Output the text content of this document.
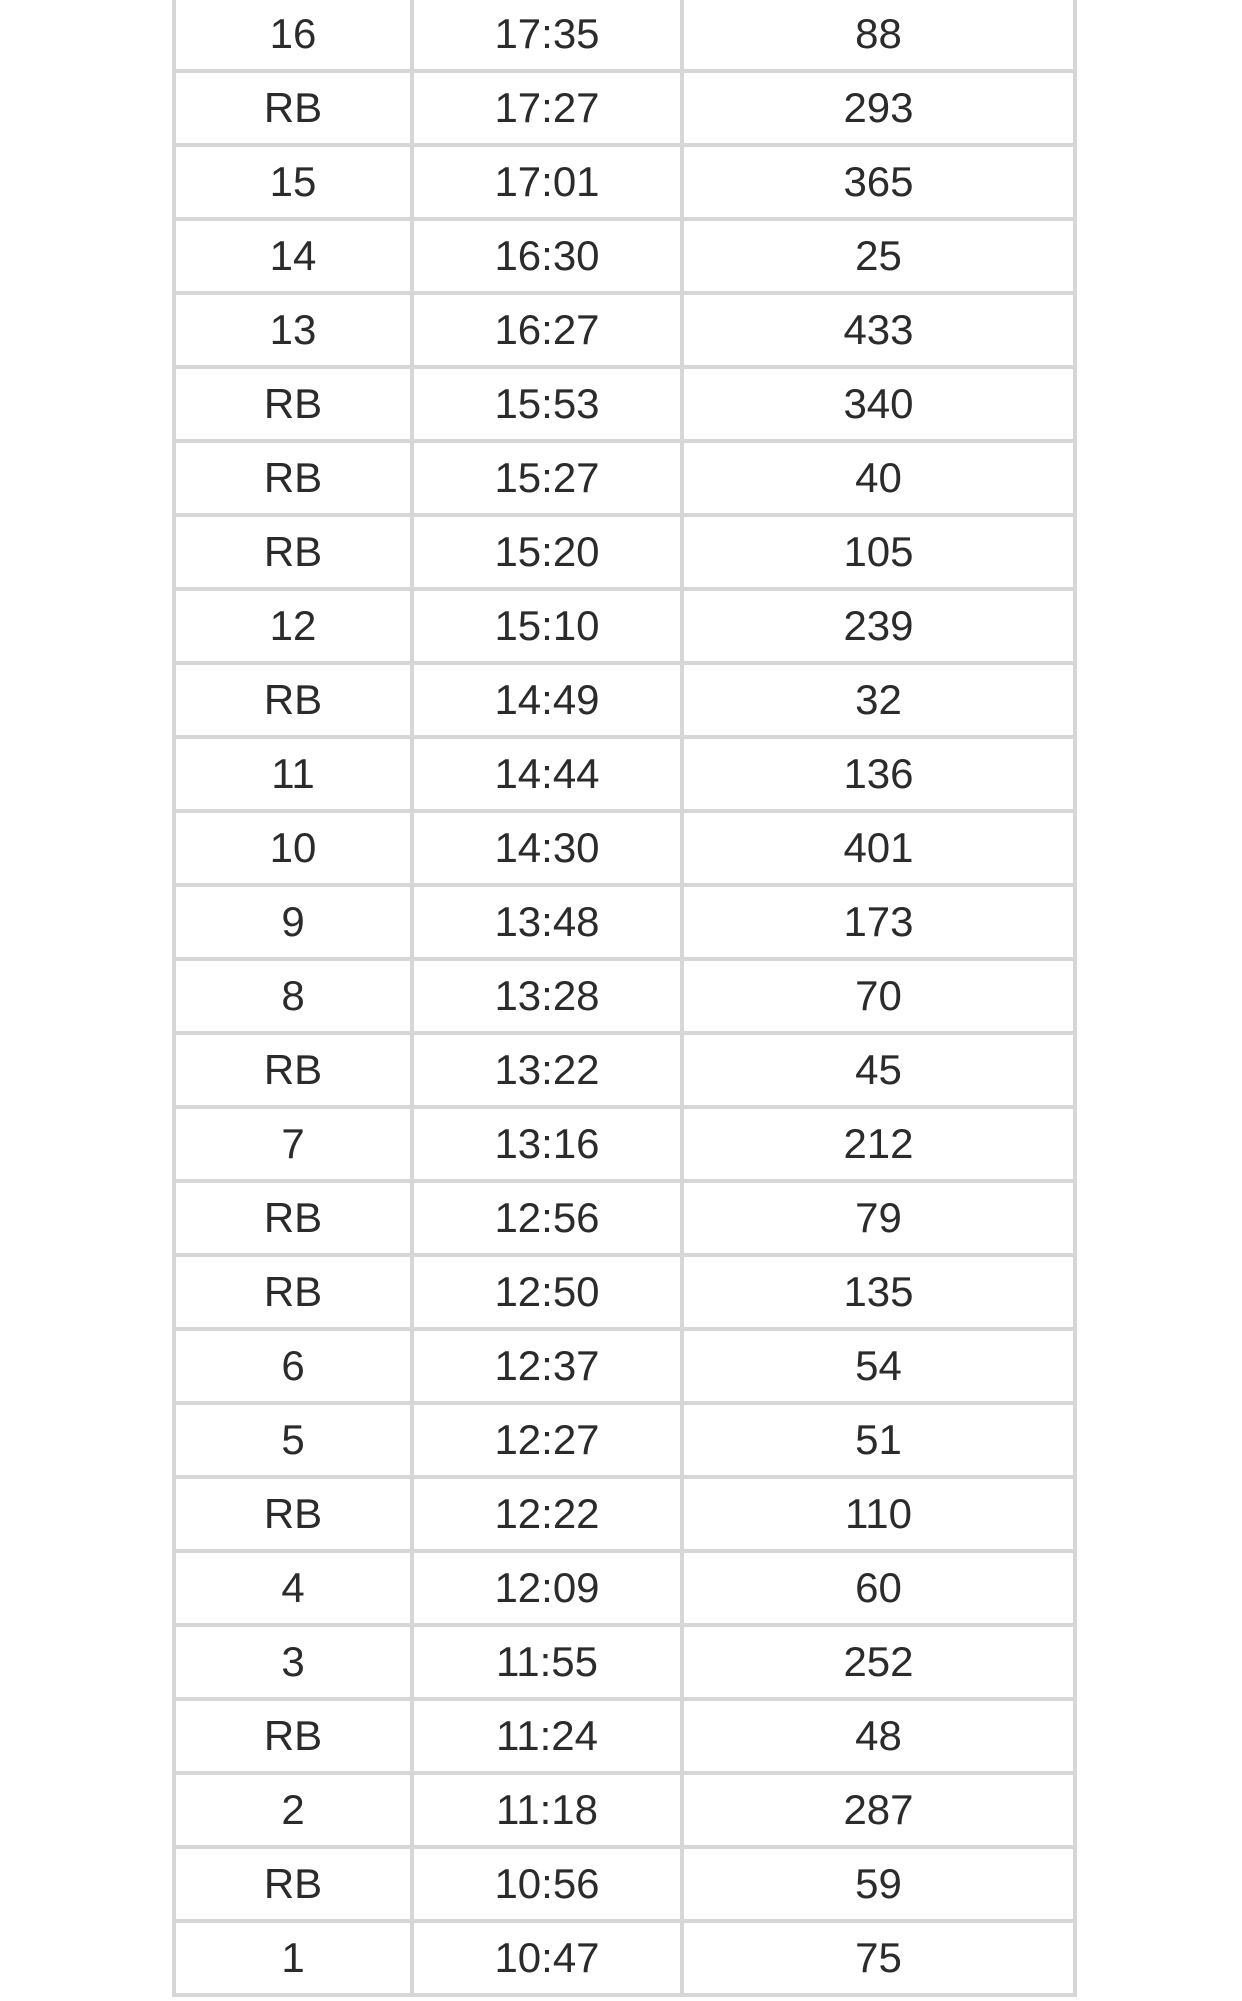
16	17:35	88
RB	17:27	293
15	17:01	365
14	16:30	25
13	16:27	433
RB	15:53	340
RB	15:27	40
RB	15:20	105
12	15:10	239
RB	14:49	32
11	14:44	136
10	14:30	401
9	13:48	173
8	13:28	70
RB	13:22	45
7	13:16	212
RB	12:56	79
RB	12:50	135
6	12:37	54
5	12:27	51
RB	12:22	110
4	12:09	60
3	11:55	252
RB	11:24	48
2	11:18	287
RB	10:56	59
1	10:47	75
